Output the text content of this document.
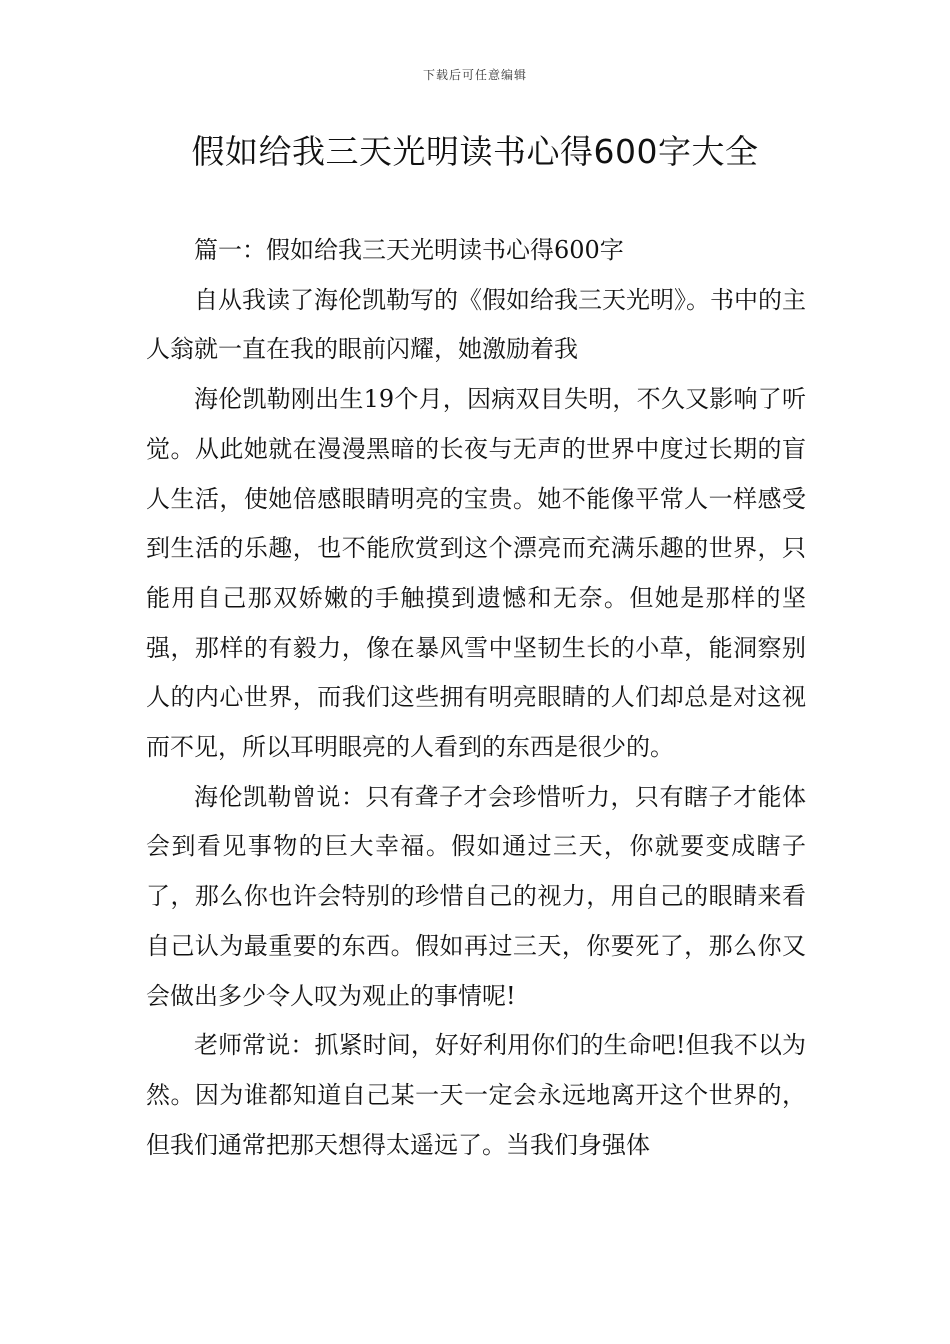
下载后可任意编辑
假如给我三天光明读书心得600字大全

篇一：假如给我三天光明读书心得600字

自从我读了海伦凯勒写的《假如给我三天光明》。书中的主人翁就一直在我的眼前闪耀，她激励着我

海伦凯勒刚出生19个月，因病双目失明，不久又影响了听觉。从此她就在漫漫黑暗的长夜与无声的世界中度过长期的盲人生活，使她倍感眼睛明亮的宝贵。她不能像平常人一样感受到生活的乐趣，也不能欣赏到这个漂亮而充满乐趣的世界，只能用自己那双娇嫩的手触摸到遗憾和无奈。但她是那样的坚强，那样的有毅力，像在暴风雪中坚韧生长的小草，能洞察别人的内心世界，而我们这些拥有明亮眼睛的人们却总是对这视而不见，所以耳明眼亮的人看到的东西是很少的。

海伦凯勒曾说：只有聋子才会珍惜听力，只有瞎子才能体会到看见事物的巨大幸福。假如通过三天，你就要变成瞎子了，那么你也许会特别的珍惜自己的视力，用自己的眼睛来看自己认为最重要的东西。假如再过三天，你要死了，那么你又会做出多少令人叹为观止的事情呢!

老师常说：抓紧时间，好好利用你们的生命吧!但我不以为然。因为谁都知道自己某一天一定会永远地离开这个世界的，但我们通常把那天想得太遥远了。当我们身强体
